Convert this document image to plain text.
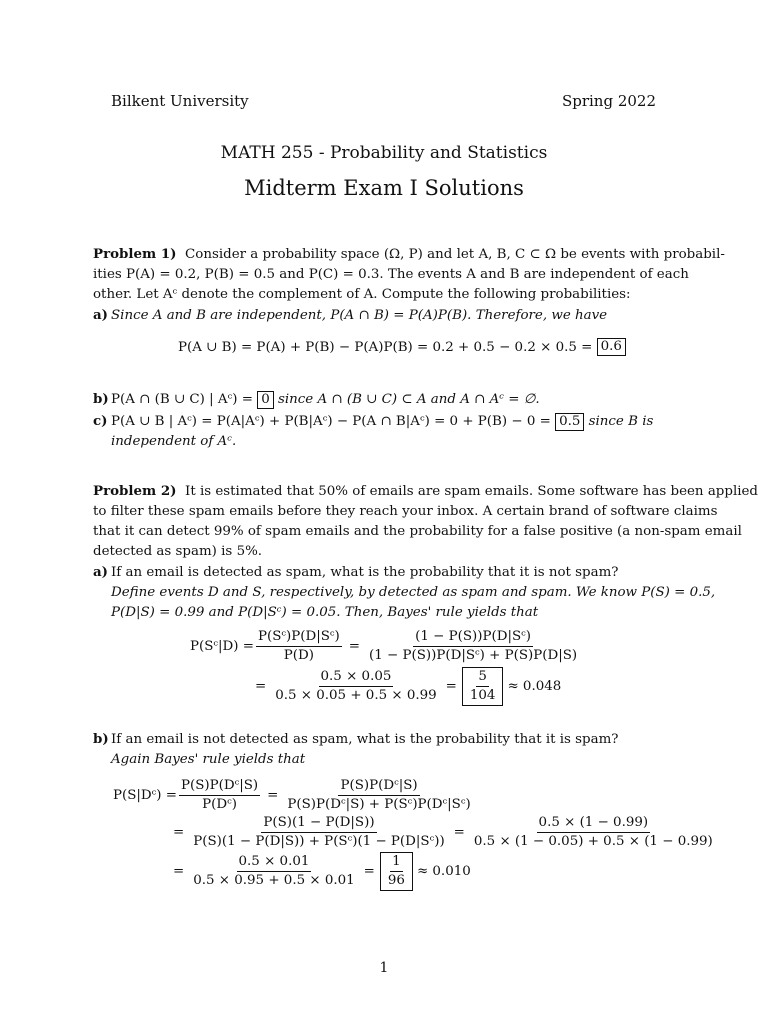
Bilkent University	Spring 2022
MATH 255 - Probability and Statistics
Midterm Exam I Solutions
Problem 1) Consider a probability space (Ω, P) and let A, B, C ⊂ Ω be events with probabil-
ities P(A) = 0.2, P(B) = 0.5 and P(C) = 0.3. The events A and B are independent of each
other. Let Aᶜ denote the complement of A. Compute the following probabilities:
a) Since A and B are independent, P(A ∩ B) = P(A)P(B). Therefore, we have
P(A ∪ B) = P(A) + P(B) − P(A)P(B) = 0.2 + 0.5 − 0.2 × 0.5 =
0.6
b) P(A ∩ (B ∪ C) | Aᶜ) = 0 since A ∩ (B ∪ C) ⊂ A and A ∩ Aᶜ = ∅.
c) P(A ∪ B | Aᶜ) = P(A|Aᶜ) + P(B|Aᶜ) − P(A ∩ B|Aᶜ) = 0 + P(B) − 0 = 0.5 since B is
independent of Aᶜ.
Problem 2) It is estimated that 50% of emails are spam emails. Some software has been applied
to filter these spam emails before they reach your inbox. A certain brand of software claims
that it can detect 99% of spam emails and the probability for a false positive (a non-spam email
detected as spam) is 5%.
a) If an email is detected as spam, what is the probability that it is not spam?
Define events D and S, respectively, by detected as spam and spam. We know P(S) = 0.5,
P(D|S) = 0.99 and P(D|Sᶜ) = 0.05. Then, Bayes' rule yields that
P(Sᶜ|D) = $\frac{\text{P(Sᶜ)P(D|Sᶜ)}}{P(D)} = \frac{\text{(1 − P(S))P(D|Sᶜ)}}{\text{(1 − P(S))P(D|Sᶜ) + P(S)P(D|S)}}$
= $\frac{0.5 \times 0.05}{0.5 \times 0.05 + 0.5 \times 0.99} = \frac{5}{104} \approx 0.048$
b) If an email is not detected as spam, what is the probability that it is spam?
Again Bayes' rule yields that
P(S|Dᶜ) = $\frac{\text{P(S)P(Dᶜ|S)}}{\text{P(Dᶜ)}} = \frac{\text{P(S)P(Dᶜ|S)}}{\text{P(S)P(Dᶜ|S) + P(Sᶜ)P(Dᶜ|Sᶜ)}}$
= $\frac{P(S)(1 - P(D|S))}{\text{P(S)(1 − P(D|S)) + P(Sᶜ)(1 − P(D|Sᶜ))}} = \frac{0.5 \times (1 - 0.99)}{0.5 \times (1 - 0.05) + 0.5 \times (1 - 0.99)}$
= $\frac{0.5 \times 0.01}{0.5 \times 0.95 + 0.5 \times 0.01} = \frac{1}{96} \approx 0.010$
1
